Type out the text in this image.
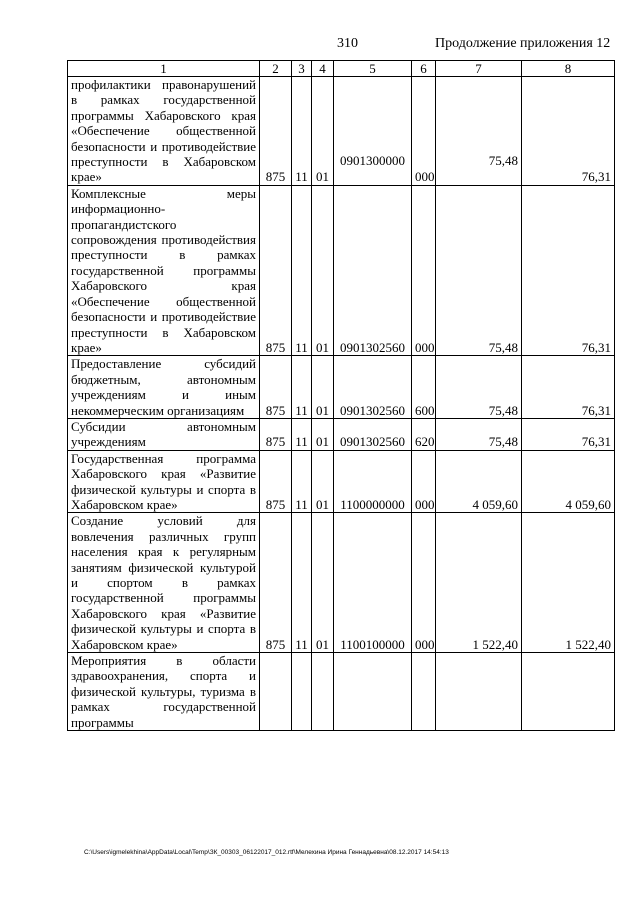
310	Продолжение приложения 12
1	2	3	4	5	6	7	8
профилактики правонарушений в рамках государственной программы Хабаровского края «Обеспечение общественной безопасности и противодействие преступности в Хабаровском крае»	875	11	01	0901300000	000	75,48	76,31
Комплексные меры информационно-пропагандистского сопровождения противодействия преступности в рамках государственной программы Хабаровского края «Обеспечение общественной безопасности и противодействие преступности в Хабаровском крае»	875	11	01	0901302560	000	75,48	76,31
Предоставление субсидий бюджетным, автономным учреждениям и иным некоммерческим организациям	875	11	01	0901302560	600	75,48	76,31
Субсидии автономным учреждениям	875	11	01	0901302560	620	75,48	76,31
Государственная программа Хабаровского края «Развитие физической культуры и спорта в Хабаровском крае»	875	11	01	1100000000	000	4 059,60	4 059,60
Создание условий для вовлечения различных групп населения края к регулярным занятиям физической культурой и спортом в рамках государственной программы Хабаровского края «Развитие физической культуры и спорта в Хабаровском крае»	875	11	01	1100100000	000	1 522,40	1 522,40
Мероприятия в области здравоохранения, спорта и физической культуры, туризма в рамках государственной программы							
C:\Users\igmelekhina\AppData\Local\Temp\ЗК_00303_06122017_012.rtf\Мелехина Ирина Геннадьевна\08.12.2017 14:54:13
